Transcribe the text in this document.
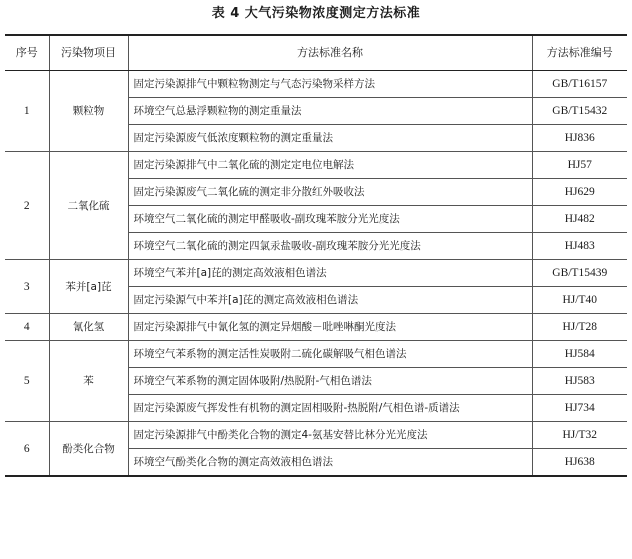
表 4 大气污染物浓度测定方法标准
序号	污染物项目	方法标准名称	方法标准编号
1	颗粒物	固定污染源排气中颗粒物测定与气态污染物采样方法	GB/T16157
		环境空气总悬浮颗粒物的测定重量法	GB/T15432
		固定污染源废气低浓度颗粒物的测定重量法	HJ836
2	二氧化硫	固定污染源排气中二氧化硫的测定定电位电解法	HJ57
		固定污染源废气二氧化硫的测定非分散红外吸收法	HJ629
		环境空气二氧化硫的测定甲醛吸收-副玫瑰苯胺分光光度法	HJ482
		环境空气二氧化硫的测定四氯汞盐吸收-副玫瑰苯胺分光光度法	HJ483
3	苯并[a]芘	环境空气苯并[a]芘的测定高效液相色谱法	GB/T15439
		固定污染源气中苯并[a]芘的测定高效液相色谱法	HJ/T40
4	氰化氢	固定污染源排气中氰化氢的测定异烟酸－吡唑啉酮光度法	HJ/T28
5	苯	环境空气苯系物的测定活性炭吸附二硫化碳解吸气相色谱法	HJ584
		环境空气苯系物的测定固体吸附/热脱附-气相色谱法	HJ583
		固定污染源废气挥发性有机物的测定固相吸附-热脱附/气相色谱-质谱法	HJ734
6	酚类化合物	固定污染源排气中酚类化合物的测定4-氨基安替比林分光光度法	HJ/T32
		环境空气酚类化合物的测定高效液相色谱法	HJ638
